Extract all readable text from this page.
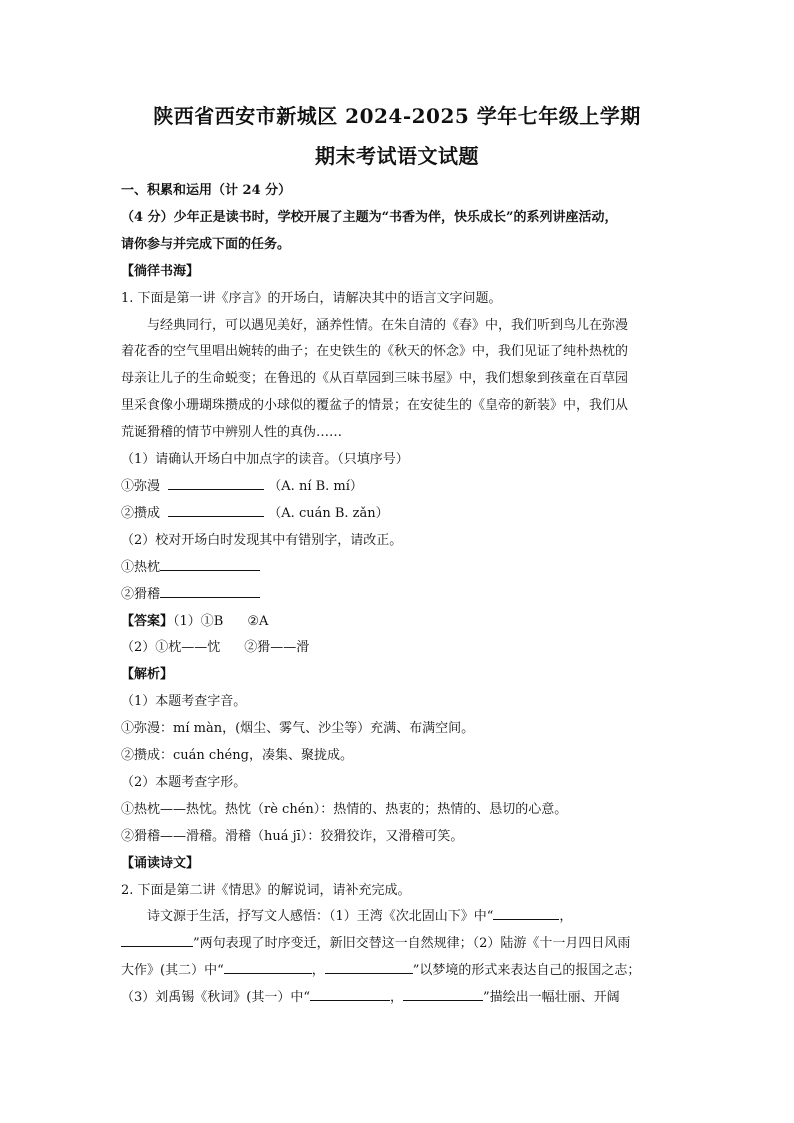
陕西省西安市新城区 2024-2025 学年七年级上学期
期末考试语文试题

一、积累和运用（计 24 分）

（4 分）少年正是读书时，学校开展了主题为“书香为伴，快乐成长”的系列讲座活动，

请你参与并完成下面的任务。

【徜徉书海】

1. 下面是第一讲《序言》的开场白，请解决其中的语言文字问题。

与经典同行，可以遇见美好，涵养性情。在朱自清的《春》中，我们听到鸟儿在弥漫

着花香的空气里唱出婉转的曲子；在史铁生的《秋天的怀念》中，我们见证了纯朴热枕的

母亲让儿子的生命蜕变；在鲁迅的《从百草园到三味书屋》中，我们想象到孩童在百草园

里采食像小珊瑚珠攒成的小球似的覆盆子的情景；在安徒生的《皇帝的新装》中，我们从

荒诞猾稽的情节中辨别人性的真伪……

（1）请确认开场白中加点字的读音。（只填序号）

①弥漫	（A. ní B. mí）

②攒成	（A. cuán B. zǎn）

（2）校对开场白时发现其中有错别字，请改正。

①热枕

②猾稽

【答案】（1）①B ②A

（2）①枕——忱 ②猾——滑

【解析】

（1）本题考查字音。

①弥漫：mí màn，(烟尘、雾气、沙尘等）充满、布满空间。

②攒成：cuán chéng，凑集、聚拢成。

（2）本题考查字形。

①热枕——热忱。热忱（rè chén）：热情的、热衷的；热情的、恳切的心意。

②猾稽——滑稽。滑稽（huá jī）：狡猾狡诈，又滑稽可笑。

【诵读诗文】

2. 下面是第二讲《情思》的解说词，请补充完成。

诗文源于生活，抒写文人感悟：（1）王湾《次北固山下》中“	，

”两句表现了时序变迁，新旧交替这一自然规律；（2）陆游《十一月四日风雨

大作》(其二）中“	，	”以梦境的形式来表达自己的报国之志；

（3）刘禹锡《秋词》(其一）中“	，	”描绘出一幅壮丽、开阔
